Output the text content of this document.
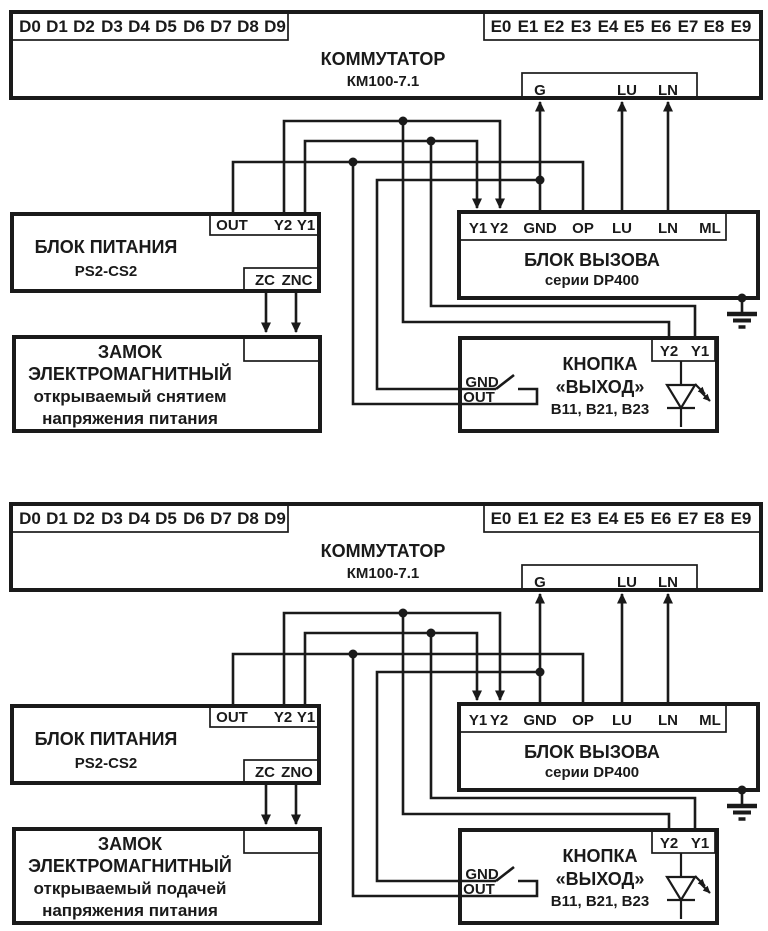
D0 D1 D2 D3 D4 D5 D6 D7 D8 D9	E0 E1 E2 E3 E4 E5 E6 E7 E8 E9
КОММУТАТОР
КМ100-7.1
G	LU LN
БЛОК ПИТАНИЯ
PS2-CS2
OUT Y2 Y1
ZC ZNC
Y1 Y2 GND OP LU LN ML
БЛОК ВЫЗОВА
серии DP400
ЗАМОК
ЭЛЕКТРОМАГНИТНЫЙ
открываемый снятием
напряжения питания
Y2 Y1
КНОПКА
«ВЫХОД»
В11, В21, В23
GND
OUT
D0 D1 D2 D3 D4 D5 D6 D7 D8 D9	E0 E1 E2 E3 E4 E5 E6 E7 E8 E9
КОММУТАТОР
КМ100-7.1
G	LU LN
БЛОК ПИТАНИЯ
PS2-CS2
OUT Y2 Y1
ZC ZNO
Y1 Y2 GND OP LU LN ML
БЛОК ВЫЗОВА
серии DP400
ЗАМОК
ЭЛЕКТРОМАГНИТНЫЙ
открываемый подачей
напряжения питания
Y2 Y1
КНОПКА
«ВЫХОД»
В11, В21, В23
GND
OUT
